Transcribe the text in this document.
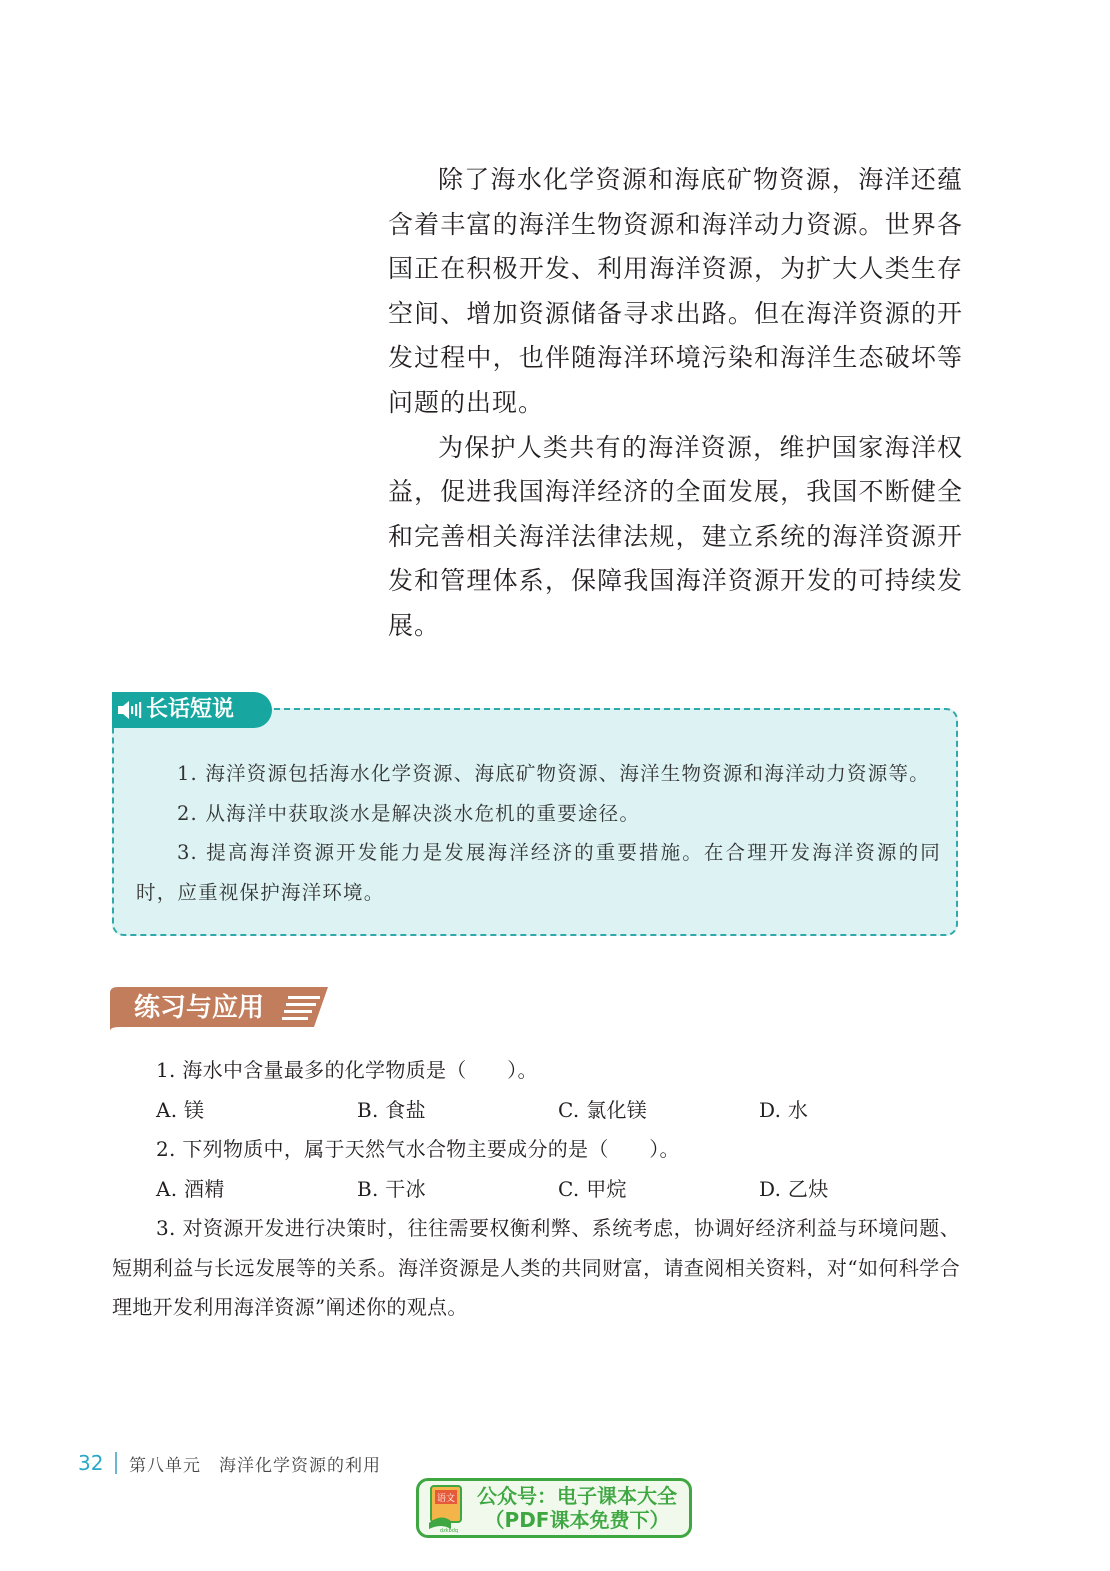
除了海水化学资源和海底矿物资源，海洋还蕴含着丰富的海洋生物资源和海洋动力资源。世界各国正在积极开发、利用海洋资源，为扩大人类生存空间、增加资源储备寻求出路。但在海洋资源的开发过程中，也伴随海洋环境污染和海洋生态破坏等问题的出现。

为保护人类共有的海洋资源，维护国家海洋权益，促进我国海洋经济的全面发展，我国不断健全和完善相关海洋法律法规，建立系统的海洋资源开发和管理体系，保障我国海洋资源开发的可持续发展。

长话短说

1. 海洋资源包括海水化学资源、海底矿物资源、海洋生物资源和海洋动力资源等。

2. 从海洋中获取淡水是解决淡水危机的重要途径。

3. 提高海洋资源开发能力是发展海洋经济的重要措施。在合理开发海洋资源的同时，应重视保护海洋环境。

练习与应用

1. 海水中含量最多的化学物质是（　　）。

A. 镁	B. 食盐	C. 氯化镁	D. 水

2. 下列物质中，属于天然气水合物主要成分的是（　　）。

A. 酒精	B. 干冰	C. 甲烷	D. 乙炔

3. 对资源开发进行决策时，往往需要权衡利弊、系统考虑，协调好经济利益与环境问题、短期利益与长远发展等的关系。海洋资源是人类的共同财富，请查阅相关资料，对“如何科学合理地开发利用海洋资源”阐述你的观点。

32 第八单元　海洋化学资源的利用
语文
dzkbdq
公众号：电子课本大全
（PDF课本免费下）
